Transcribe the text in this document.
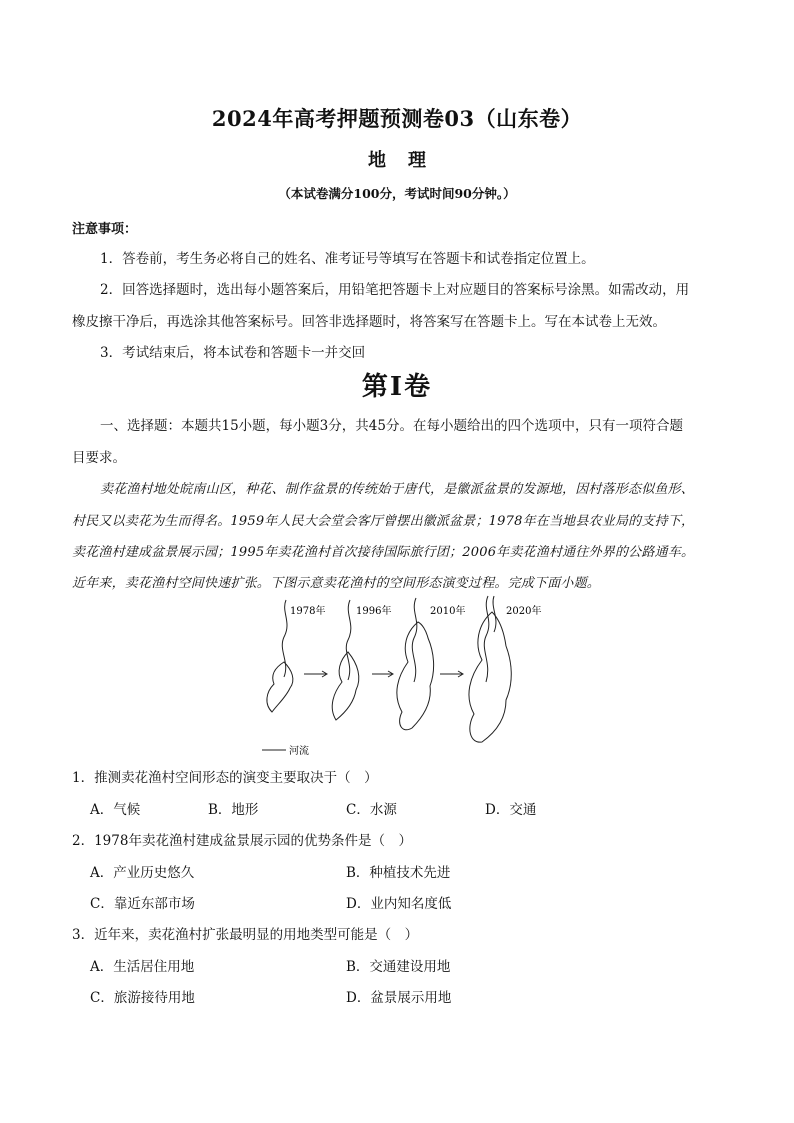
2024年高考押题预测卷03（山东卷）
地理
（本试卷满分100分，考试时间90分钟。）
注意事项：
1．答卷前，考生务必将自己的姓名、准考证号等填写在答题卡和试卷指定位置上。
2．回答选择题时，选出每小题答案后，用铅笔把答题卡上对应题目的答案标号涂黑。如需改动，用
橡皮擦干净后，再选涂其他答案标号。回答非选择题时，将答案写在答题卡上。写在本试卷上无效。
3．考试结束后，将本试卷和答题卡一并交回
第I卷
一、选择题：本题共15小题，每小题3分，共45分。在每小题给出的四个选项中，只有一项符合题
目要求。
卖花渔村地处皖南山区，种花、制作盆景的传统始于唐代，是徽派盆景的发源地，因村落形态似鱼形、
村民又以卖花为生而得名。1959年人民大会堂会客厅曾摆出徽派盆景；1978年在当地县农业局的支持下，
卖花渔村建成盆景展示园；1995年卖花渔村首次接待国际旅行团；2006年卖花渔村通往外界的公路通车。
近年来，卖花渔村空间快速扩张。下图示意卖花渔村的空间形态演变过程。完成下面小题。
1978年	1996年	2010年	2020年
河流
1．推测卖花渔村空间形态的演变主要取决于（　）
A．气候	B．地形	C．水源	D．交通
2．1978年卖花渔村建成盆景展示园的优势条件是（　）
A．产业历史悠久	B．种植技术先进
C．靠近东部市场	D．业内知名度低
3．近年来，卖花渔村扩张最明显的用地类型可能是（　）
A．生活居住用地	B．交通建设用地
C．旅游接待用地	D．盆景展示用地
